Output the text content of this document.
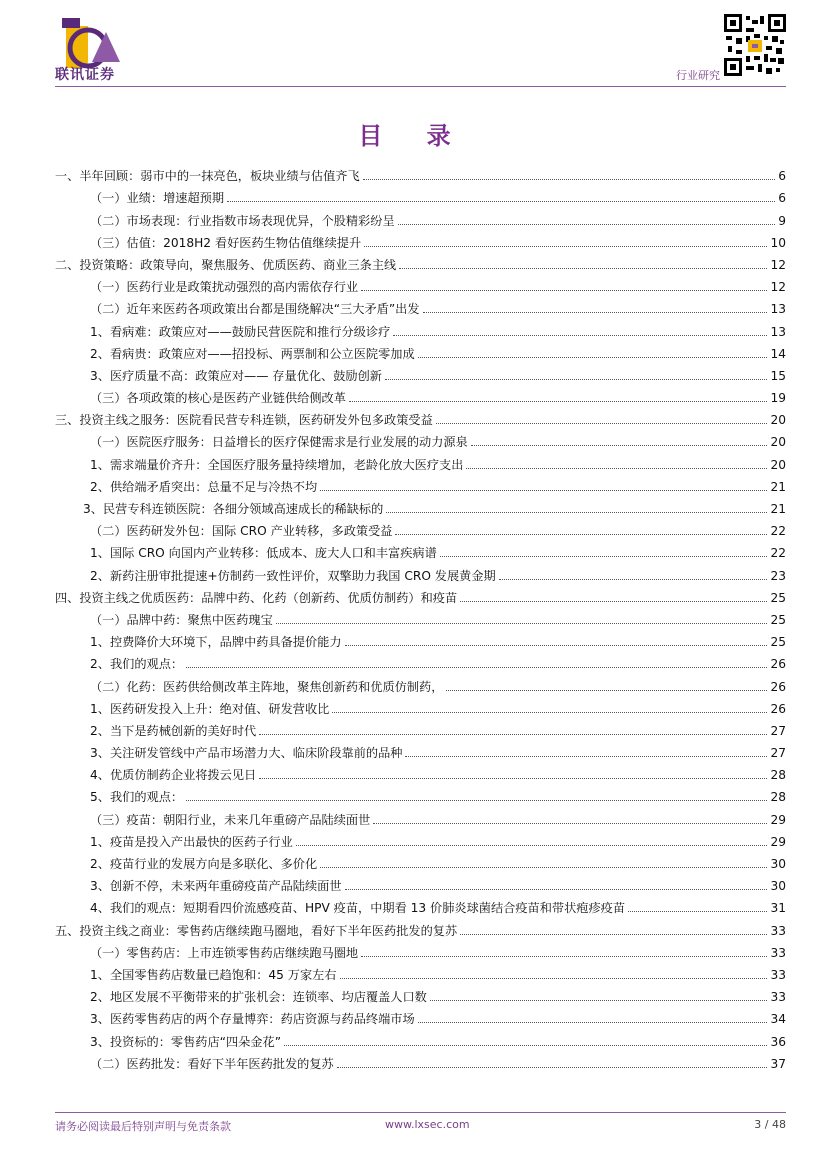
联讯证券	行业研究
目 录
一、半年回顾：弱市中的一抹亮色，板块业绩与估值齐飞	6
（一）业绩：增速超预期	6
（二）市场表现：行业指数市场表现优异，个股精彩纷呈	9
（三）估值：2018H2 看好医药生物估值继续提升	10
二、投资策略：政策导向，聚焦服务、优质医药、商业三条主线	12
（一）医药行业是政策扰动强烈的高内需依存行业	12
（二）近年来医药各项政策出台都是围绕解决“三大矛盾”出发	13
1、看病难：政策应对——鼓励民营医院和推行分级诊疗	13
2、看病贵：政策应对——招投标、两票制和公立医院零加成	14
3、医疗质量不高：政策应对—— 存量优化、鼓励创新	15
（三）各项政策的核心是医药产业链供给侧改革	19
三、投资主线之服务：医院看民营专科连锁，医药研发外包多政策受益	20
（一）医院医疗服务：日益增长的医疗保健需求是行业发展的动力源泉	20
1、需求端量价齐升：全国医疗服务量持续增加，老龄化放大医疗支出	20
2、供给端矛盾突出：总量不足与冷热不均	21
3、民营专科连锁医院：各细分领域高速成长的稀缺标的	21
（二）医药研发外包：国际 CRO 产业转移，多政策受益	22
1、国际 CRO 向国内产业转移：低成本、庞大人口和丰富疾病谱	22
2、新药注册审批提速+仿制药一致性评价，双擎助力我国 CRO 发展黄金期	23
四、投资主线之优质医药：品牌中药、化药（创新药、优质仿制药）和疫苗	25
（一）品牌中药：聚焦中医药瑰宝	25
1、控费降价大环境下，品牌中药具备提价能力	25
2、我们的观点：	26
（二）化药：医药供给侧改革主阵地，聚焦创新药和优质仿制药，	26
1、医药研发投入上升：绝对值、研发营收比	26
2、当下是药械创新的美好时代	27
3、关注研发管线中产品市场潜力大、临床阶段靠前的品种	27
4、优质仿制药企业将拨云见日	28
5、我们的观点：	28
（三）疫苗：朝阳行业，未来几年重磅产品陆续面世	29
1、疫苗是投入产出最快的医药子行业	29
2、疫苗行业的发展方向是多联化、多价化	30
3、创新不停，未来两年重磅疫苗产品陆续面世	30
4、我们的观点：短期看四价流感疫苗、HPV 疫苗，中期看 13 价肺炎球菌结合疫苗和带状疱疹疫苗	31
五、投资主线之商业：零售药店继续跑马圈地，看好下半年医药批发的复苏	33
（一）零售药店：上市连锁零售药店继续跑马圈地	33
1、全国零售药店数量已趋饱和：45 万家左右	33
2、地区发展不平衡带来的扩张机会：连锁率、均店覆盖人口数	33
3、医药零售药店的两个存量博弈：药店资源与药品终端市场	34
3、投资标的：零售药店“四朵金花”	36
（二）医药批发：看好下半年医药批发的复苏	37
请务必阅读最后特别声明与免责条款	www.lxsec.com	3 / 48
